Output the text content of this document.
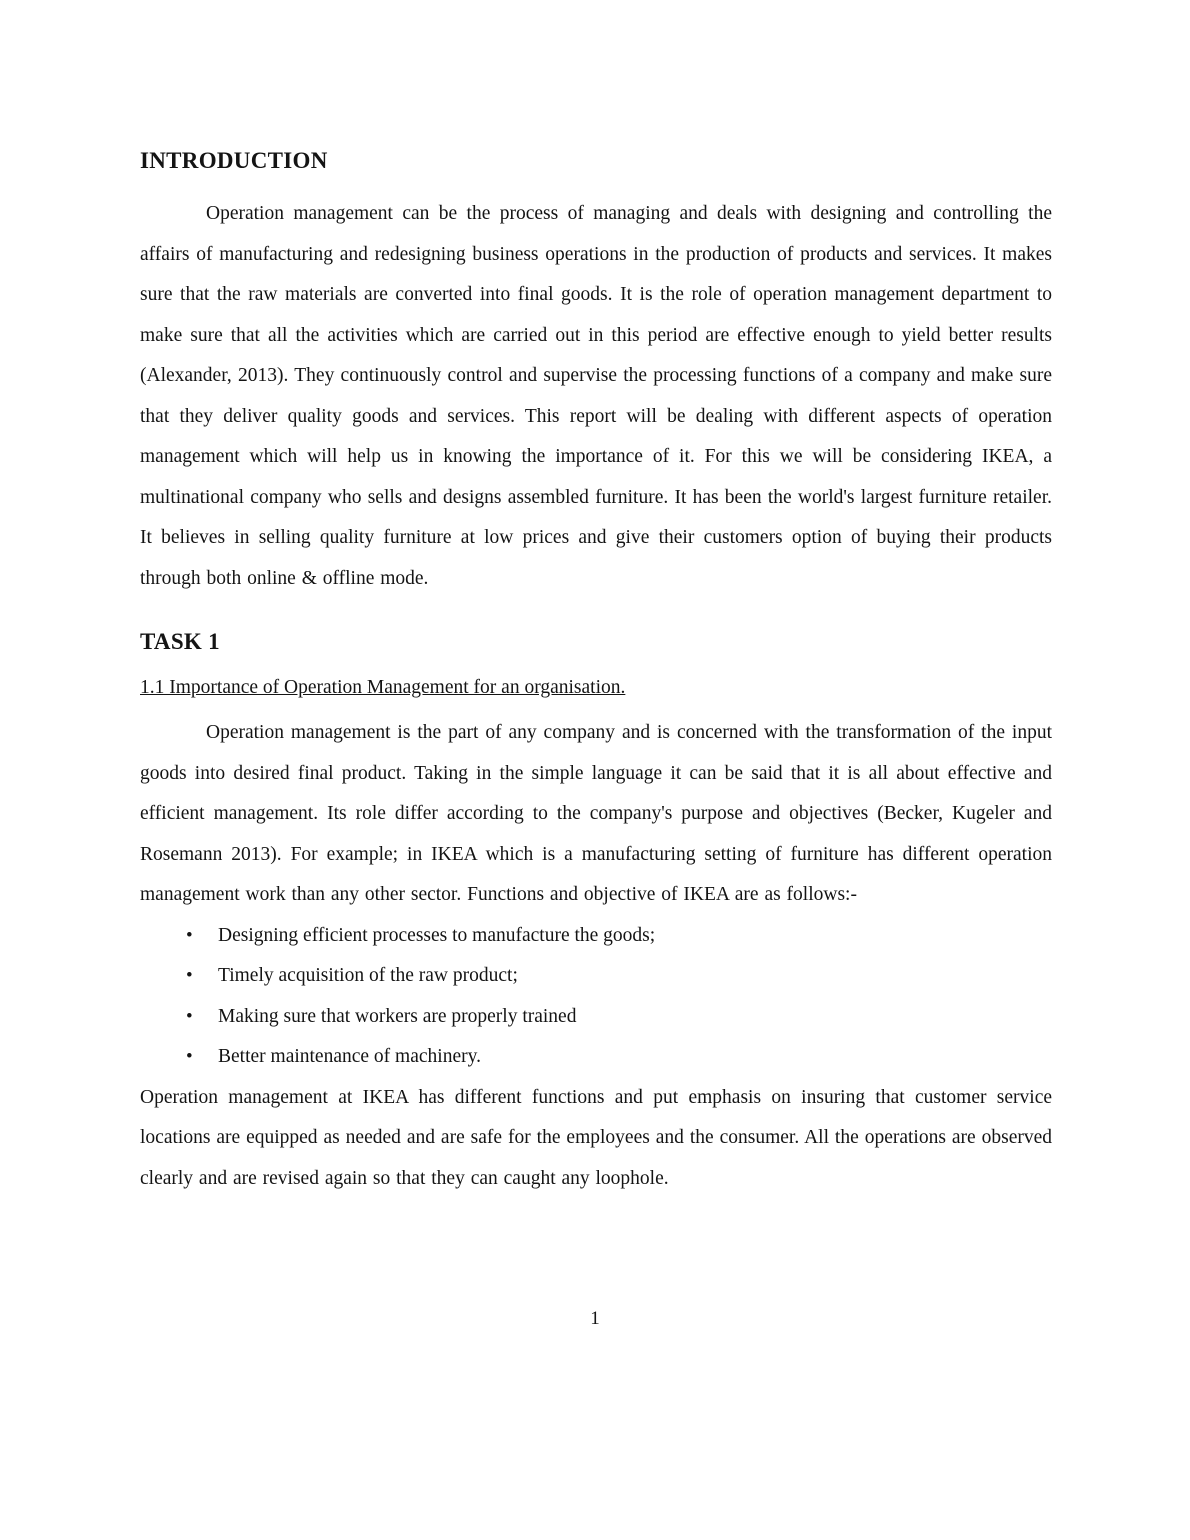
INTRODUCTION

Operation management can be the process of managing and deals with designing and controlling the affairs of manufacturing and redesigning business operations in the production of products and services. It makes sure that the raw materials are converted into final goods. It is the role of operation management department to make sure that all the activities which are carried out in this period are effective enough to yield better results (Alexander, 2013). They continuously control and supervise the processing functions of a company and make sure that they deliver quality goods and services. This report will be dealing with different aspects of operation management which will help us in knowing the importance of it. For this we will be considering IKEA, a multinational company who sells and designs assembled furniture. It has been the world's largest furniture retailer. It believes in selling quality furniture at low prices and give their customers option of buying their products through both online & offline mode.

TASK 1

1.1 Importance of Operation Management for an organisation.

Operation management is the part of any company and is concerned with the transformation of the input goods into desired final product. Taking in the simple language it can be said that it is all about effective and efficient management. Its role differ according to the company's purpose and objectives (Becker, Kugeler and Rosemann 2013). For example; in IKEA which is a manufacturing setting of furniture has different operation management work than any other sector. Functions and objective of IKEA are as follows:-

• Designing efficient processes to manufacture the goods;
• Timely acquisition of the raw product;
• Making sure that workers are properly trained
• Better maintenance of machinery.

Operation management at IKEA has different functions and put emphasis on insuring that customer service locations are equipped as needed and are safe for the employees and the consumer. All the operations are observed clearly and are revised again so that they can caught any loophole.

1
